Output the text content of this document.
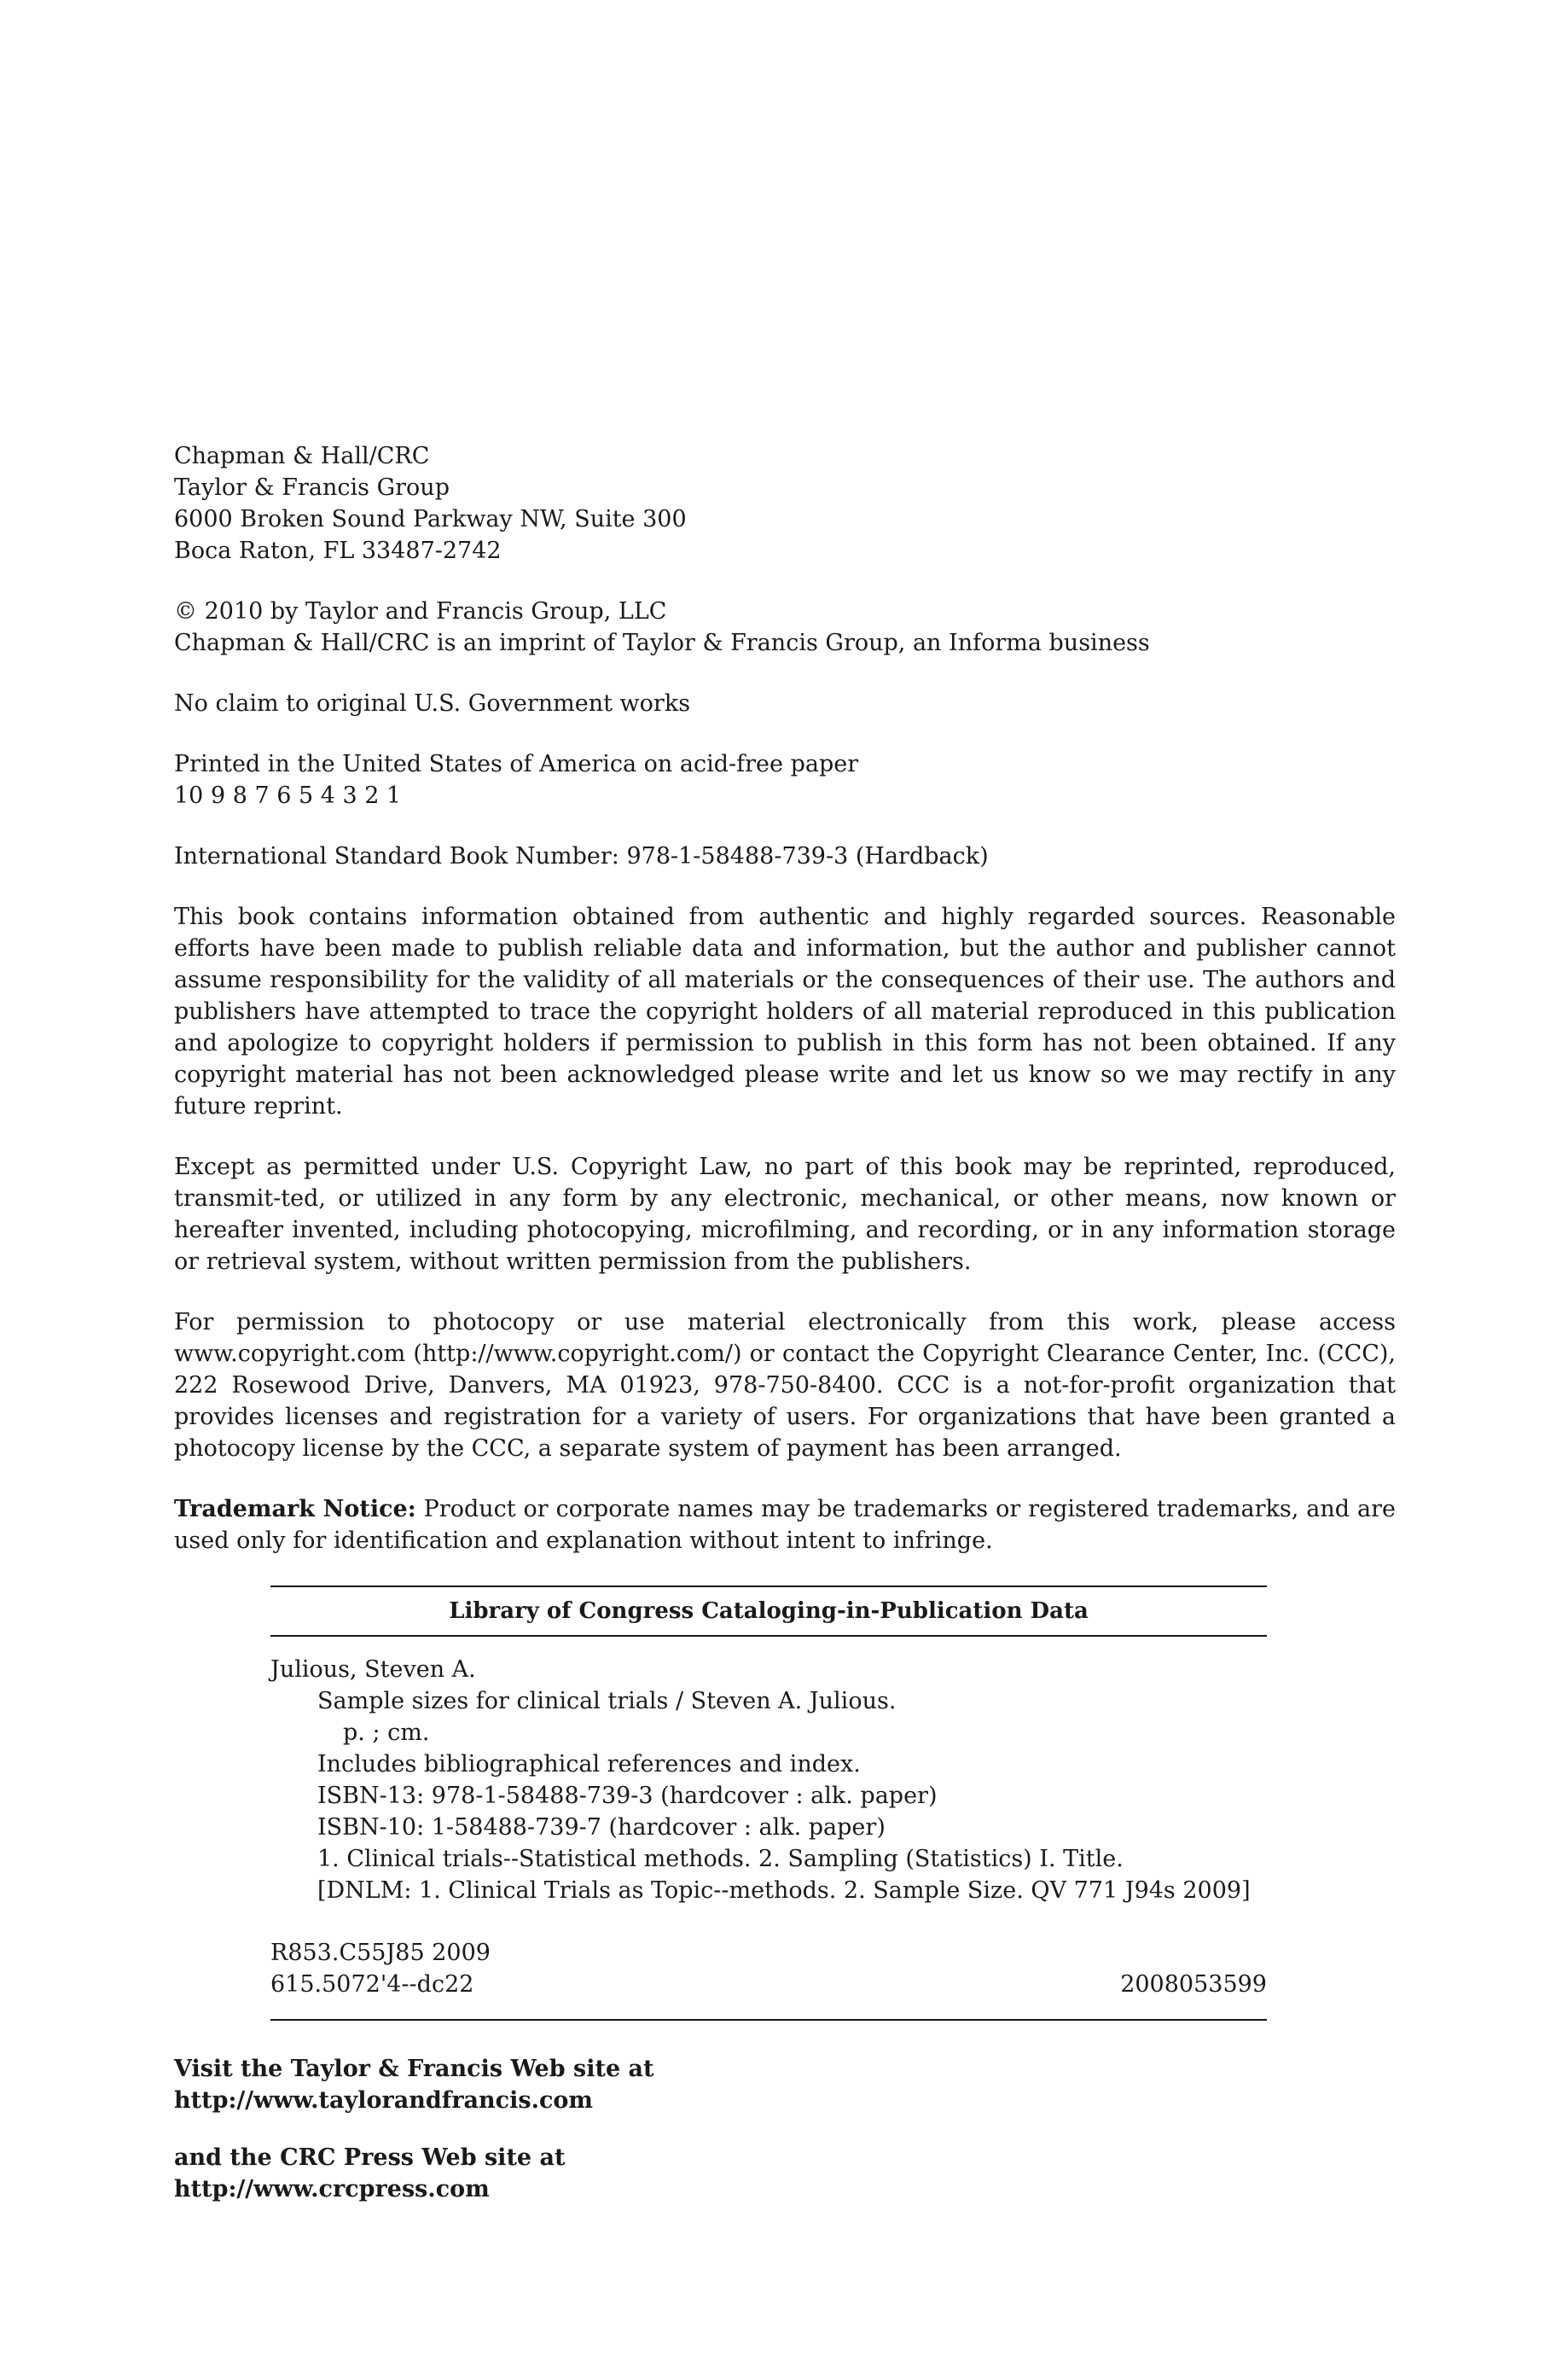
Chapman & Hall/CRC
Taylor & Francis Group
6000 Broken Sound Parkway NW, Suite 300
Boca Raton, FL 33487-2742
© 2010 by Taylor and Francis Group, LLC
Chapman & Hall/CRC is an imprint of Taylor & Francis Group, an Informa business
No claim to original U.S. Government works
Printed in the United States of America on acid-free paper
10 9 8 7 6 5 4 3 2 1
International Standard Book Number: 978-1-58488-739-3 (Hardback)

This book contains information obtained from authentic and highly regarded sources. Reasonable efforts have been made to publish reliable data and information, but the author and publisher cannot assume responsibility for the validity of all materials or the consequences of their use. The authors and publishers have attempted to trace the copyright holders of all material reproduced in this publication and apologize to copyright holders if permission to publish in this form has not been obtained. If any copyright material has not been acknowledged please write and let us know so we may rectify in any future reprint.

Except as permitted under U.S. Copyright Law, no part of this book may be reprinted, reproduced, transmit-ted, or utilized in any form by any electronic, mechanical, or other means, now known or hereafter invented, including photocopying, microfilming, and recording, or in any information storage or retrieval system, without written permission from the publishers.

For permission to photocopy or use material electronically from this work, please access www.copyright.com (http://www.copyright.com/) or contact the Copyright Clearance Center, Inc. (CCC), 222 Rosewood Drive, Danvers, MA 01923, 978-750-8400. CCC is a not-for-profit organization that provides licenses and registration for a variety of users. For organizations that have been granted a photocopy license by the CCC, a separate system of payment has been arranged.

Trademark Notice: Product or corporate names may be trademarks or registered trademarks, and are used only for identification and explanation without intent to infringe.

Library of Congress Cataloging-in-Publication Data
Julious, Steven A.
Sample sizes for clinical trials / Steven A. Julious.
p. ; cm.
Includes bibliographical references and index.
ISBN-13: 978-1-58488-739-3 (hardcover : alk. paper)
ISBN-10: 1-58488-739-7 (hardcover : alk. paper)
1. Clinical trials--Statistical methods. 2. Sampling (Statistics) I. Title.
[DNLM: 1. Clinical Trials as Topic--methods. 2. Sample Size. QV 771 J94s 2009]
R853.C55J85 2009
615.5072'4--dc22	2008053599
Visit the Taylor & Francis Web site at
http://www.taylorandfrancis.com
and the CRC Press Web site at
http://www.crcpress.com
